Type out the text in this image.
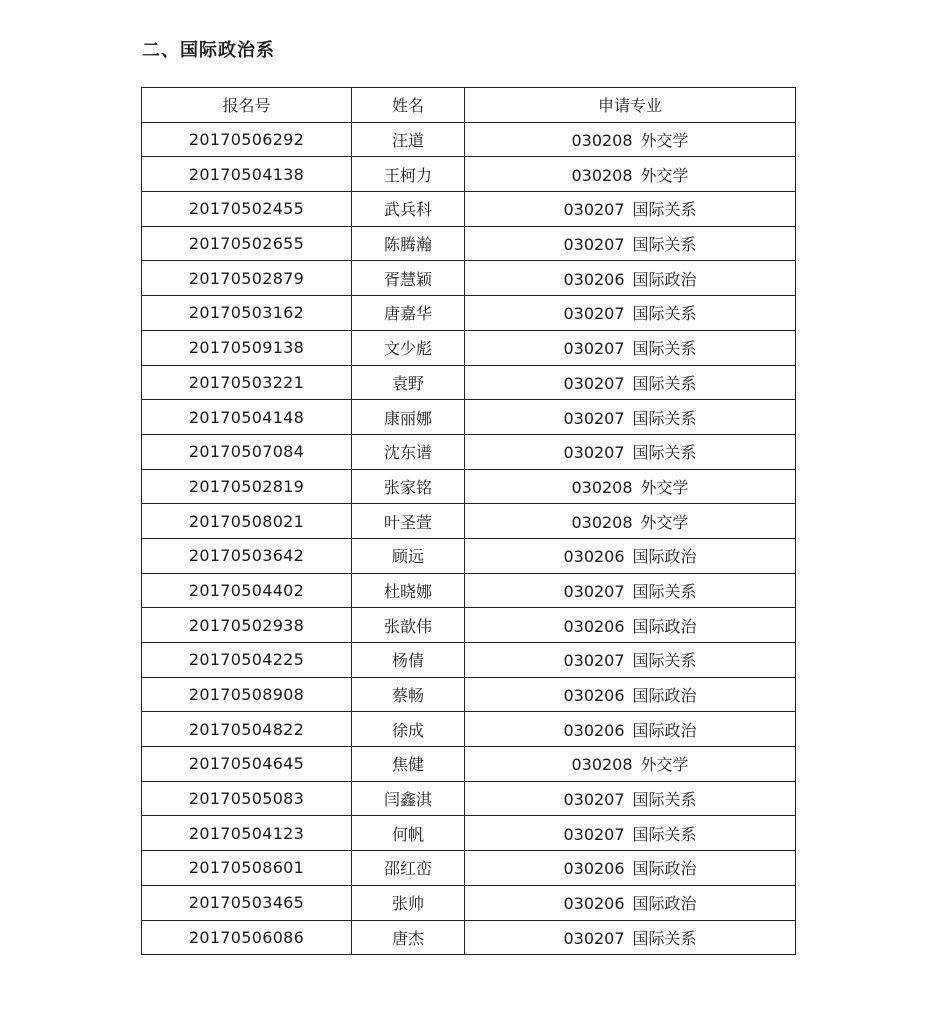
二、国际政治系
报名号	姓名	申请专业
20170506292	汪道	030208 外交学
20170504138	王柯力	030208 外交学
20170502455	武兵科	030207 国际关系
20170502655	陈腾瀚	030207 国际关系
20170502879	胥慧颖	030206 国际政治
20170503162	唐嘉华	030207 国际关系
20170509138	文少彪	030207 国际关系
20170503221	袁野	030207 国际关系
20170504148	康丽娜	030207 国际关系
20170507084	沈东谱	030207 国际关系
20170502819	张家铭	030208 外交学
20170508021	叶圣萱	030208 外交学
20170503642	顾远	030206 国际政治
20170504402	杜晓娜	030207 国际关系
20170502938	张歆伟	030206 国际政治
20170504225	杨倩	030207 国际关系
20170508908	蔡畅	030206 国际政治
20170504822	徐成	030206 国际政治
20170504645	焦健	030208 外交学
20170505083	闫鑫淇	030207 国际关系
20170504123	何帆	030207 国际关系
20170508601	邵红峦	030206 国际政治
20170503465	张帅	030206 国际政治
20170506086	唐杰	030207 国际关系
